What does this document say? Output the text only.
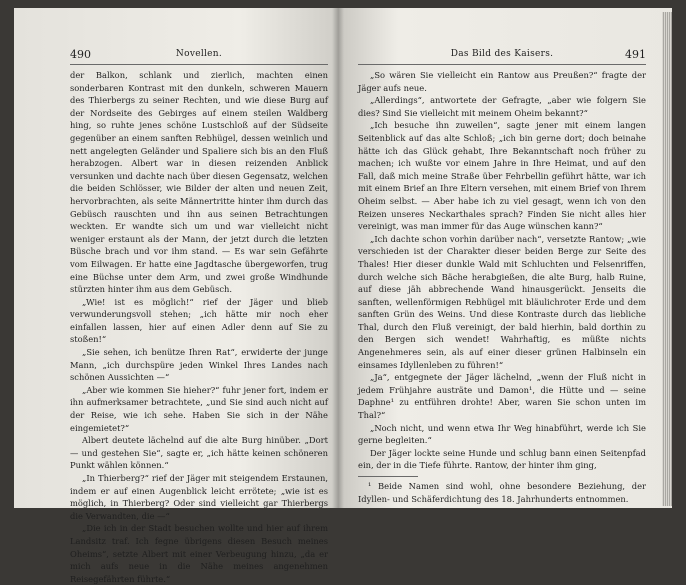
490	Novellen.

der Balkon, schlank und zierlich, machten einen sonderbaren Kontrast mit den dunkeln, schweren Mauern des Thierbergs zu seiner Rechten, und wie diese Burg auf der Nordseite des Gebirges auf einem steilen Waldberg hing, so ruhte jenes schöne Lustschloß auf der Südseite gegenüber an einem sanften Rebhügel, dessen weinlich und nett angelegten Geländer und Spaliere sich bis an den Fluß herabzogen. Albert war in diesen reizenden Anblick versunken und dachte nach über diesen Gegensatz, welchen die beiden Schlösser, wie Bilder der alten und neuen Zeit, hervorbrachten, als seite Männertritte hinter ihm durch das Gebüsch rauschten und ihn aus seinen Betrachtungen weckten. Er wandte sich um und war vielleicht nicht weniger erstaunt als der Mann, der jetzt durch die letzten Büsche brach und vor ihm stand. — Es war sein Gefährte vom Eilwagen. Er hatte eine Jagdtasche übergeworfen, trug eine Büchse unter dem Arm, und zwei große Windhunde stürzten hinter ihm aus dem Gebüsch.

„Wie! ist es möglich!“ rief der Jäger und blieb verwunderungsvoll stehen; „ich hätte mir noch eher einfallen lassen, hier auf einen Adler denn auf Sie zu stoßen!“

„Sie sehen, ich benütze Ihren Rat“, erwiderte der junge Mann, „ich durchspüre jeden Winkel Ihres Landes nach schönen Aussichten —“

„Aber wie kommen Sie hieher?“ fuhr jener fort, indem er ihn aufmerksamer betrachtete, „und Sie sind auch nicht auf der Reise, wie ich sehe. Haben Sie sich in der Nähe eingemietet?“

Albert deutete lächelnd auf die alte Burg hinüber. „Dort — und gestehen Sie“, sagte er, „ich hätte keinen schöneren Punkt wählen können.“

„In Thierberg?“ rief der Jäger mit steigendem Erstaunen, indem er auf einen Augenblick leicht errötete; „wie ist es möglich, in Thierberg? Oder sind vielleicht gar Thierbergs die Verwandten, die —“

„Die ich in der Stadt besuchen wollte und hier auf ihrem Landsitz traf. Ich fegne übrigens diesen Besuch meines Oheims“, setzte Albert mit einer Verbeugung hinzu, „da er mich aufs neue in die Nähe meines angenehmen Reisegefährten führte.“

Das Bild des Kaisers.	491

„So wären Sie vielleicht ein Rantow aus Preußen?“ fragte der Jäger aufs neue.

„Allerdings“, antwortete der Gefragte, „aber wie folgern Sie dies? Sind Sie vielleicht mit meinem Oheim bekannt?“

„Ich besuche ihn zuweilen“, sagte jener mit einem langen Seitenblick auf das alte Schloß; „ich bin gerne dort; doch beinahe hätte ich das Glück gehabt, Ihre Bekanntschaft noch früher zu machen; ich wußte vor einem Jahre in Ihre Heimat, und auf den Fall, daß mich meine Straße über Fehrbellin geführt hätte, war ich mit einem Brief an Ihre Eltern versehen, mit einem Brief von Ihrem Oheim selbst. — Aber habe ich zu viel gesagt, wenn ich von den Reizen unseres Neckarthales sprach? Finden Sie nicht alles hier vereinigt, was man immer für das Auge wünschen kann?“

„Ich dachte schon vorhin darüber nach“, versetzte Rantow; „wie verschieden ist der Charakter dieser beiden Berge zur Seite des Thales! Hier dieser dunkle Wald mit Schluchten und Felsenriffen, durch welche sich Bäche herabgießen, die alte Burg, halb Ruine, auf diese jäh abbrechende Wand hinausgerückt. Jenseits die sanften, wellenförmigen Rebhügel mit bläulichroter Erde und dem sanften Grün des Weins. Und diese Kontraste durch das liebliche Thal, durch den Fluß vereinigt, der bald hierhin, bald dorthin zu den Bergen sich wendet! Wahrhaftig, es müßte nichts Angenehmeres sein, als auf einer dieser grünen Halbinseln ein einsames Idyllenleben zu führen!“

„Ja“, entgegnete der Jäger lächelnd, „wenn der Fluß nicht in jedem Frühjahre austräte und Damon¹, die Hütte und — seine Daphne¹ zu entführen drohte! Aber, waren Sie schon unten im Thal?“

„Noch nicht, und wenn etwa Ihr Weg hinabführt, werde ich Sie gerne begleiten.“

Der Jäger lockte seine Hunde und schlug bann einen Seitenpfad ein, der in die Tiefe führte. Rantow, der hinter ihm ging,

¹ Beide Namen sind wohl, ohne besondere Beziehung, der Idyllen- und Schäferdichtung des 18. Jahrhunderts entnommen.
